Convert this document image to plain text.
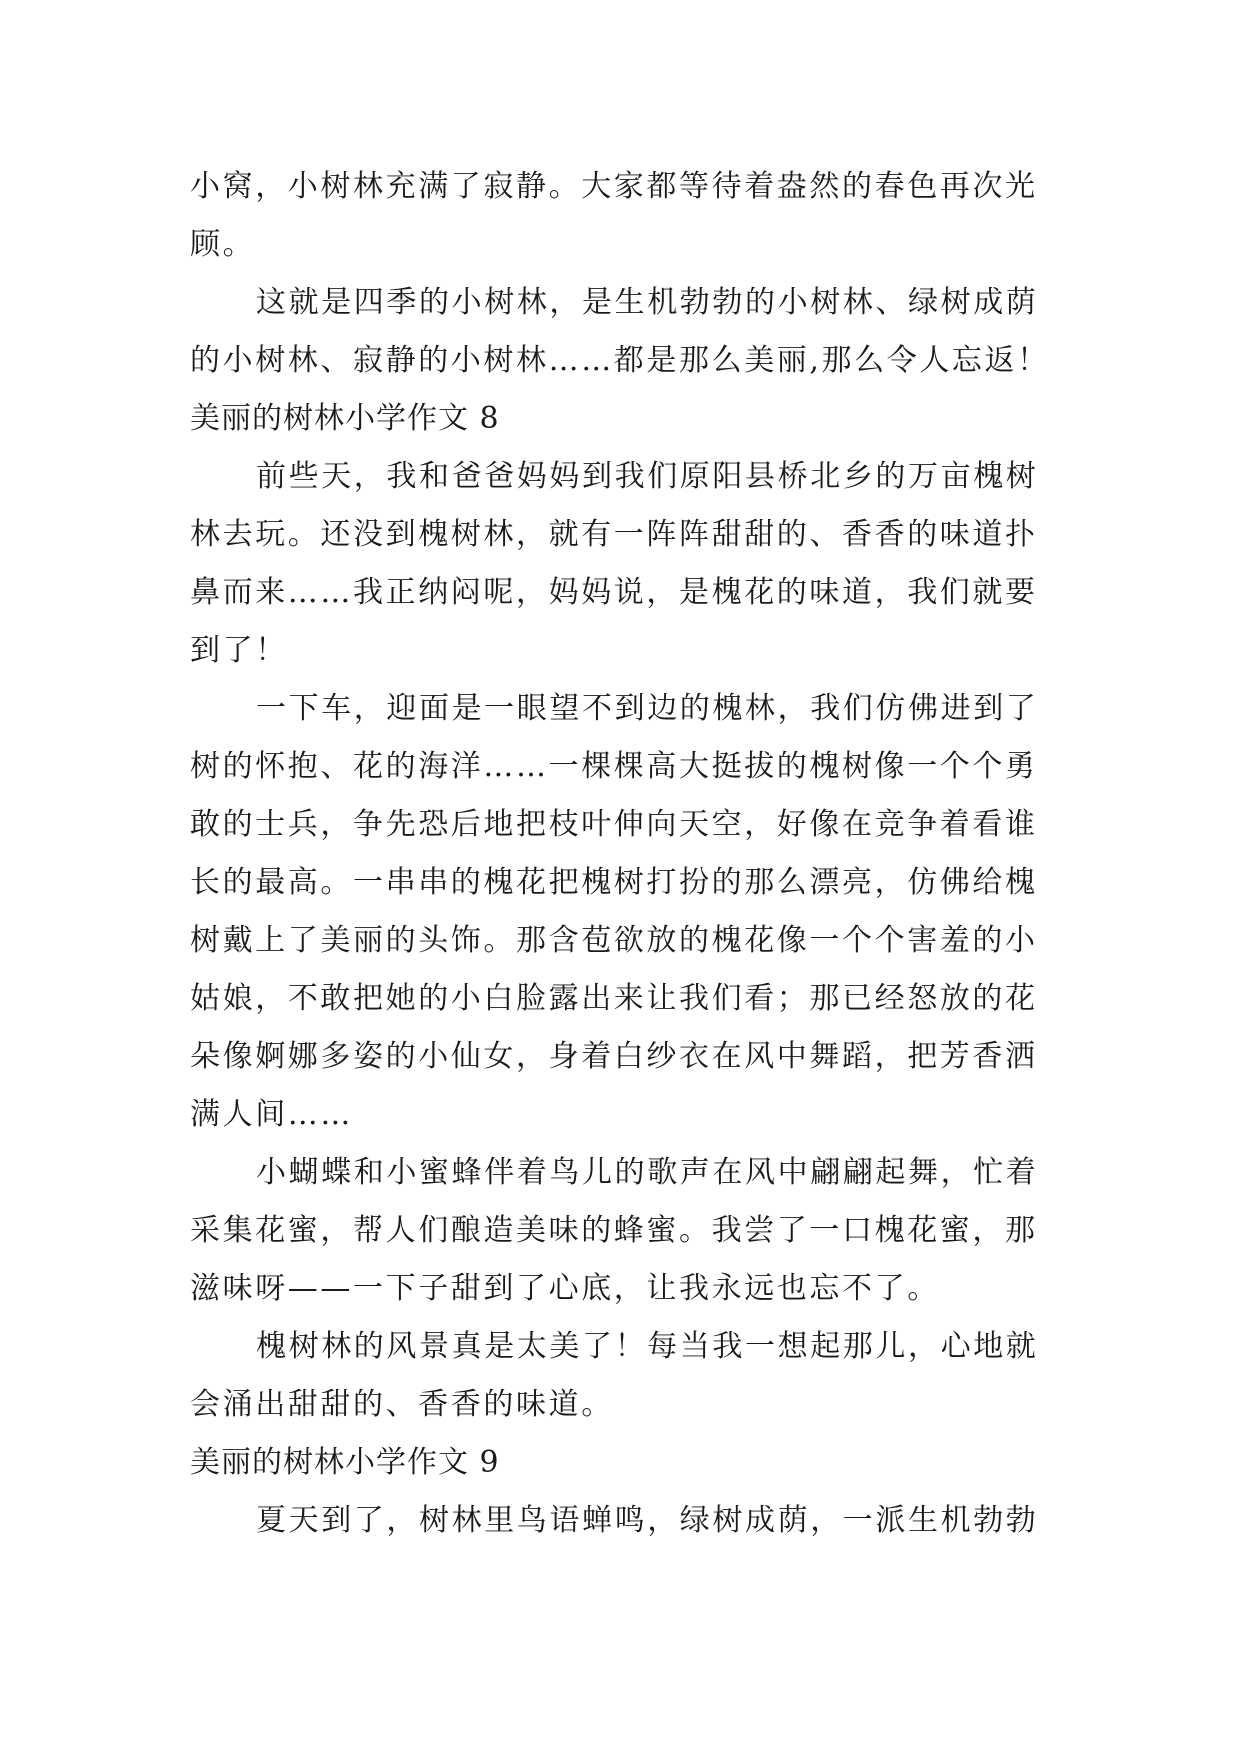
小窝，小树林充满了寂静。大家都等待着盎然的春色再次光
顾。
这就是四季的小树林，是生机勃勃的小树林、绿树成荫
的小树林、寂静的小树林……都是那么美丽,那么令人忘返！
美丽的树林小学作文 8
前些天，我和爸爸妈妈到我们原阳县桥北乡的万亩槐树
林去玩。还没到槐树林，就有一阵阵甜甜的、香香的味道扑
鼻而来……我正纳闷呢，妈妈说，是槐花的味道，我们就要
到了！
一下车，迎面是一眼望不到边的槐林，我们仿佛进到了
树的怀抱、花的海洋……一棵棵高大挺拔的槐树像一个个勇
敢的士兵，争先恐后地把枝叶伸向天空，好像在竞争着看谁
长的最高。一串串的槐花把槐树打扮的那么漂亮，仿佛给槐
树戴上了美丽的头饰。那含苞欲放的槐花像一个个害羞的小
姑娘，不敢把她的小白脸露出来让我们看；那已经怒放的花
朵像婀娜多姿的小仙女，身着白纱衣在风中舞蹈，把芳香洒
满人间……
小蝴蝶和小蜜蜂伴着鸟儿的歌声在风中翩翩起舞，忙着
采集花蜜，帮人们酿造美味的蜂蜜。我尝了一口槐花蜜，那
滋味呀——一下子甜到了心底，让我永远也忘不了。
槐树林的风景真是太美了！每当我一想起那儿，心地就
会涌出甜甜的、香香的味道。
美丽的树林小学作文 9
夏天到了，树林里鸟语蝉鸣，绿树成荫，一派生机勃勃
